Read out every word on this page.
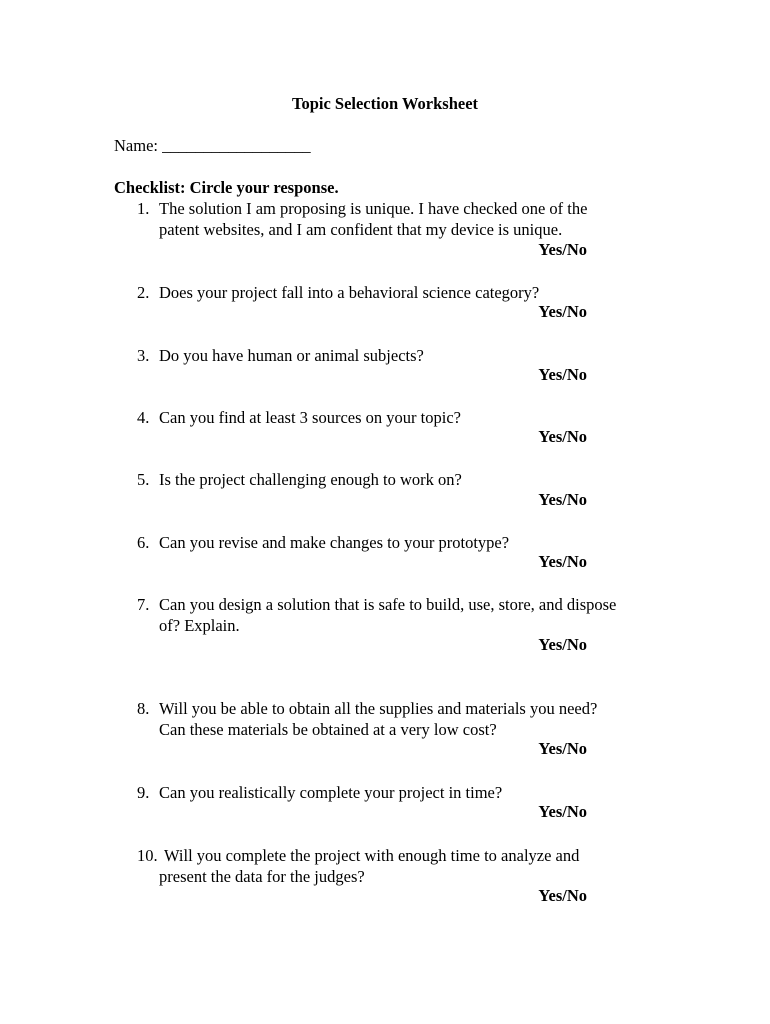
Topic Selection Worksheet
Name: __________________
Checklist: Circle your response.
1. The solution I am proposing is unique. I have checked one of the
patent websites, and I am confident that my device is unique.
Yes/No
2. Does your project fall into a behavioral science category?
Yes/No
3. Do you have human or animal subjects?
Yes/No
4. Can you find at least 3 sources on your topic?
Yes/No
5. Is the project challenging enough to work on?
Yes/No
6. Can you revise and make changes to your prototype?
Yes/No
7. Can you design a solution that is safe to build, use, store, and dispose
of? Explain.
Yes/No
8. Will you be able to obtain all the supplies and materials you need?
Can these materials be obtained at a very low cost?
Yes/No
9. Can you realistically complete your project in time?
Yes/No
10. Will you complete the project with enough time to analyze and
present the data for the judges?
Yes/No
